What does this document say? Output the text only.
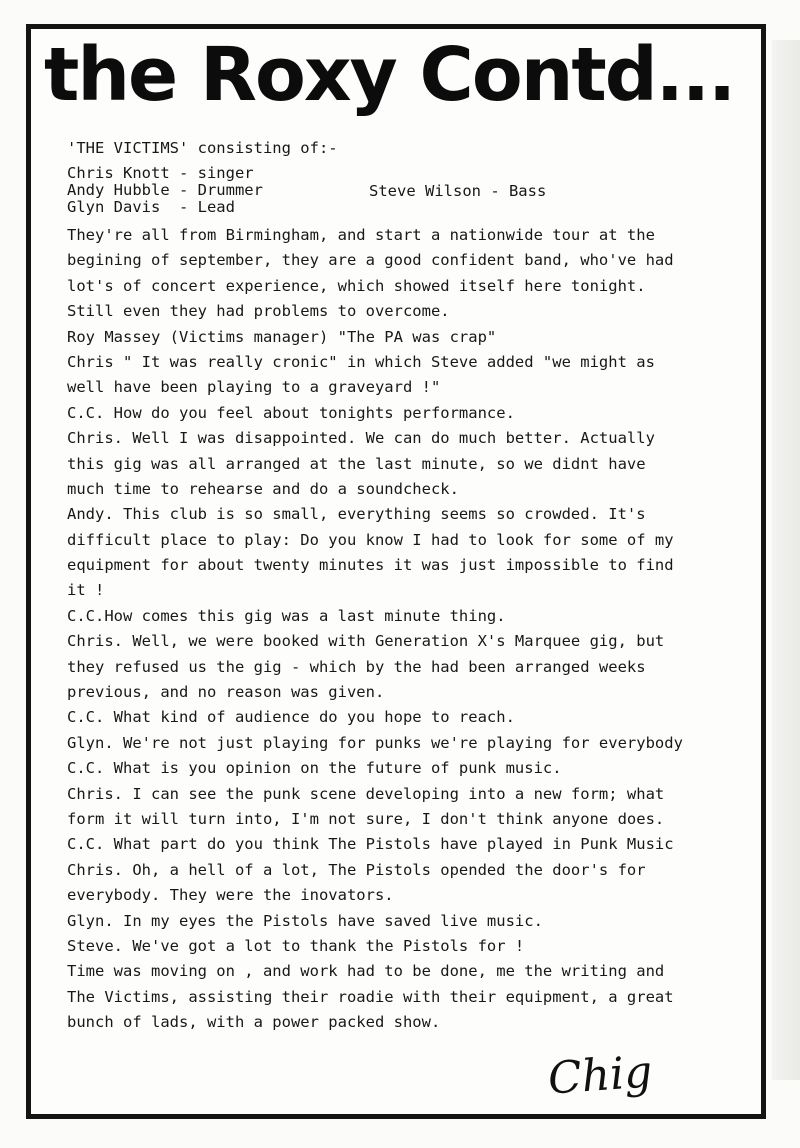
the Roxy Contd...
'THE VICTIMS' consisting of:-
Chris Knott - singer
Andy Hubble - Drummer
Glyn Davis  - Lead
Steve Wilson - Bass
They're all from Birmingham, and start a nationwide tour at the
begining of september, they are a good confident band, who've had
lot's of concert experience, which showed itself here tonight.
Still even they had problems to overcome.
Roy Massey (Victims manager) "The PA was crap"
Chris " It was really cronic" in which Steve added "we might as
well have been playing to a graveyard !"
C.C. How do you feel about tonights performance.
Chris. Well I was disappointed. We can do much better. Actually
this gig was all arranged at the last minute, so we didnt have
much time to rehearse and do a soundcheck.
Andy. This club is so small, everything seems so crowded. It's
difficult place to play: Do you know I had to look for some of my
equipment for about twenty minutes it was just impossible to find
it !
C.C.How comes this gig was a last minute thing.
Chris. Well, we were booked with Generation X's Marquee gig, but
they refused us the gig - which by the had been arranged weeks
previous, and no reason was given.
C.C. What kind of audience do you hope to reach.
Glyn. We're not just playing for punks we're playing for everybody
C.C. What is you opinion on the future of punk music.
Chris. I can see the punk scene developing into a new form; what
form it will turn into, I'm not sure, I don't think anyone does.
C.C. What part do you think The Pistols have played in Punk Music
Chris. Oh, a hell of a lot, The Pistols opended the door's for
everybody. They were the inovators.
Glyn. In my eyes the Pistols have saved live music.
Steve. We've got a lot to thank the Pistols for !
Time was moving on , and work had to be done, me the writing and
The Victims, assisting their roadie with their equipment, a great
bunch of lads, with a power packed show.
Chig
